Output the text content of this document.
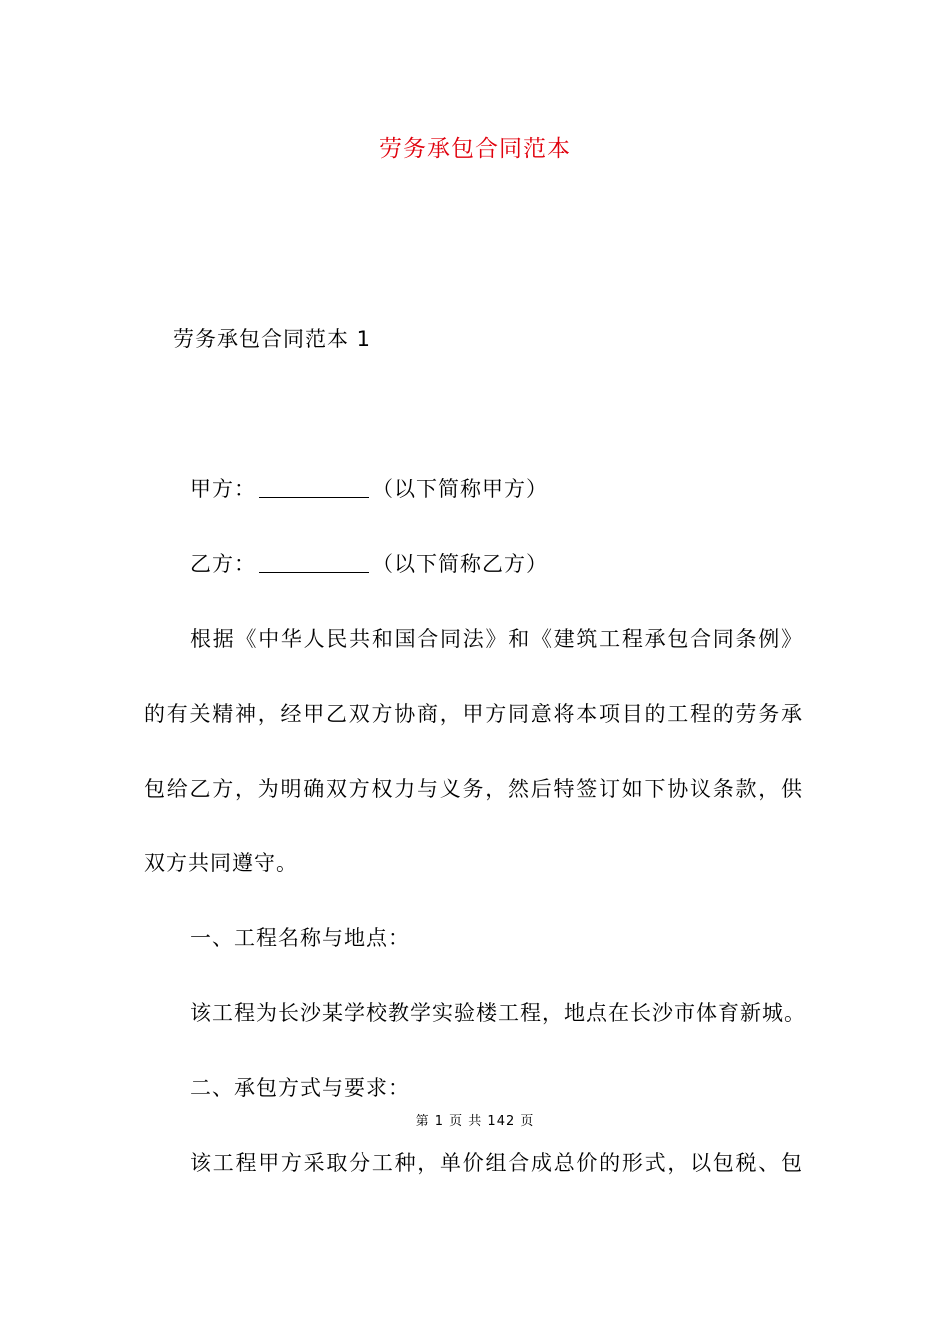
劳务承包合同范本
劳务承包合同范本 1
甲方：	（以下简称甲方）
乙方：	（以下简称乙方）
根据《中华人民共和国合同法》和《建筑工程承包合同条例》
的有关精神，经甲乙双方协商，甲方同意将本项目的工程的劳务承
包给乙方，为明确双方权力与义务，然后特签订如下协议条款，供
双方共同遵守。
一、工程名称与地点：
该工程为长沙某学校教学实验楼工程，地点在长沙市体育新城。
二、承包方式与要求：
第 1 页 共 142 页
该工程甲方采取分工种，单价组合成总价的形式，以包税、包
